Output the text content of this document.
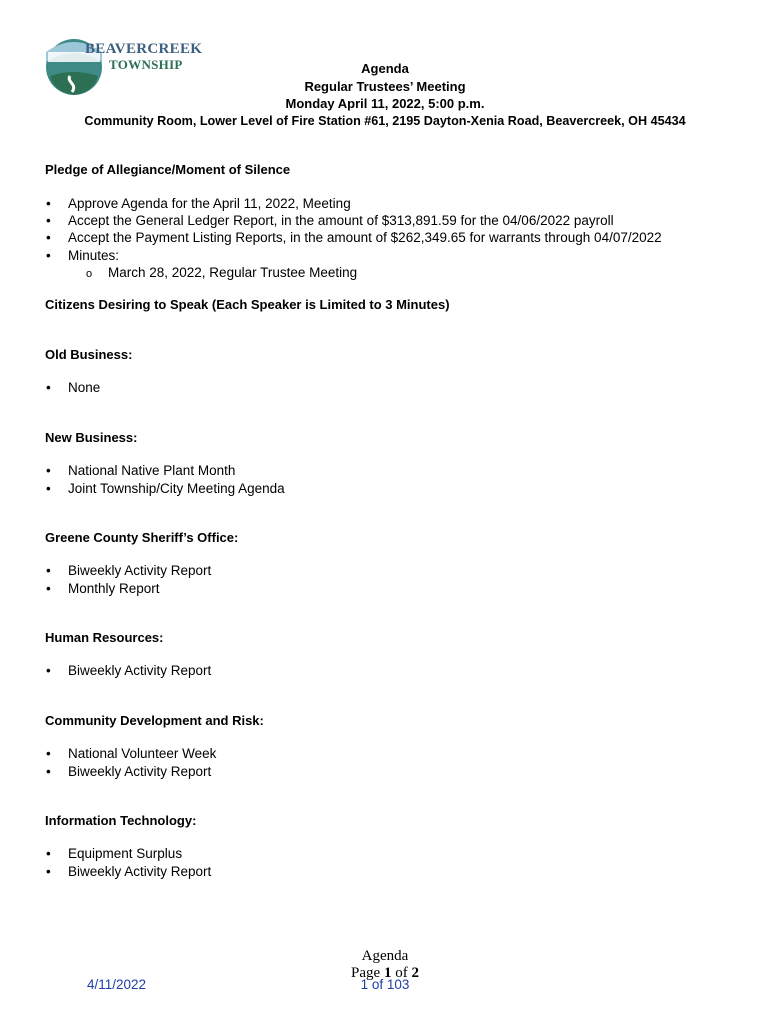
BEAVERCREEK
TOWNSHIP	Agenda
Regular Trustees’ Meeting
Monday April 11, 2022, 5:00 p.m.
Community Room, Lower Level of Fire Station #61, 2195 Dayton-Xenia Road, Beavercreek, OH 45434
Pledge of Allegiance/Moment of Silence
• Approve Agenda for the April 11, 2022, Meeting
• Accept the General Ledger Report, in the amount of $313,891.59 for the 04/06/2022 payroll
• Accept the Payment Listing Reports, in the amount of $262,349.65 for warrants through 04/07/2022
• Minutes:
o March 28, 2022, Regular Trustee Meeting
Citizens Desiring to Speak (Each Speaker is Limited to 3 Minutes)
Old Business:
• None
New Business:
• National Native Plant Month
• Joint Township/City Meeting Agenda
Greene County Sheriff’s Office:
• Biweekly Activity Report
• Monthly Report
Human Resources:
• Biweekly Activity Report
Community Development and Risk:
• National Volunteer Week
• Biweekly Activity Report
Information Technology:
• Equipment Surplus
• Biweekly Activity Report
Agenda
Page 1 of 2
4/11/2022	1 of 103
